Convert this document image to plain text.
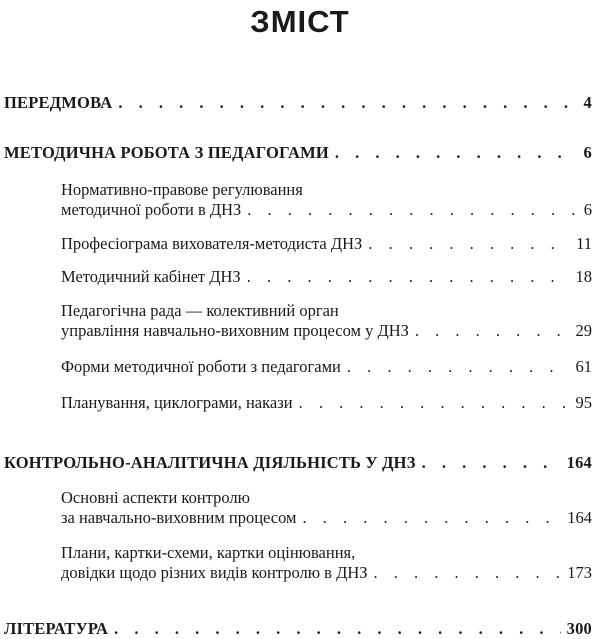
ЗМІСТ
ПЕРЕДМОВА . . .	4
МЕТОДИЧНА РОБОТА З ПЕДАГОГАМИ . . .	6
Нормативно-правове регулювання
методичної роботи в ДНЗ . . .	6
Професіограма вихователя-методиста ДНЗ . . .	11
Методичний кабінет ДНЗ . . .	18
Педагогічна рада — колективний орган
управління навчально-виховним процесом у ДНЗ . . .	29
Форми методичної роботи з педагогами . . .	61
Планування, циклограми, накази . . .	95
КОНТРОЛЬНО-АНАЛІТИЧНА ДІЯЛЬНІСТЬ У ДНЗ . . .	164
Основні аспекти контролю
за навчально-виховним процесом . . .	164
Плани, картки-схеми, картки оцінювання,
довідки щодо різних видів контролю в ДНЗ . . .	173
ЛІТЕРАТУРА . . .	300
